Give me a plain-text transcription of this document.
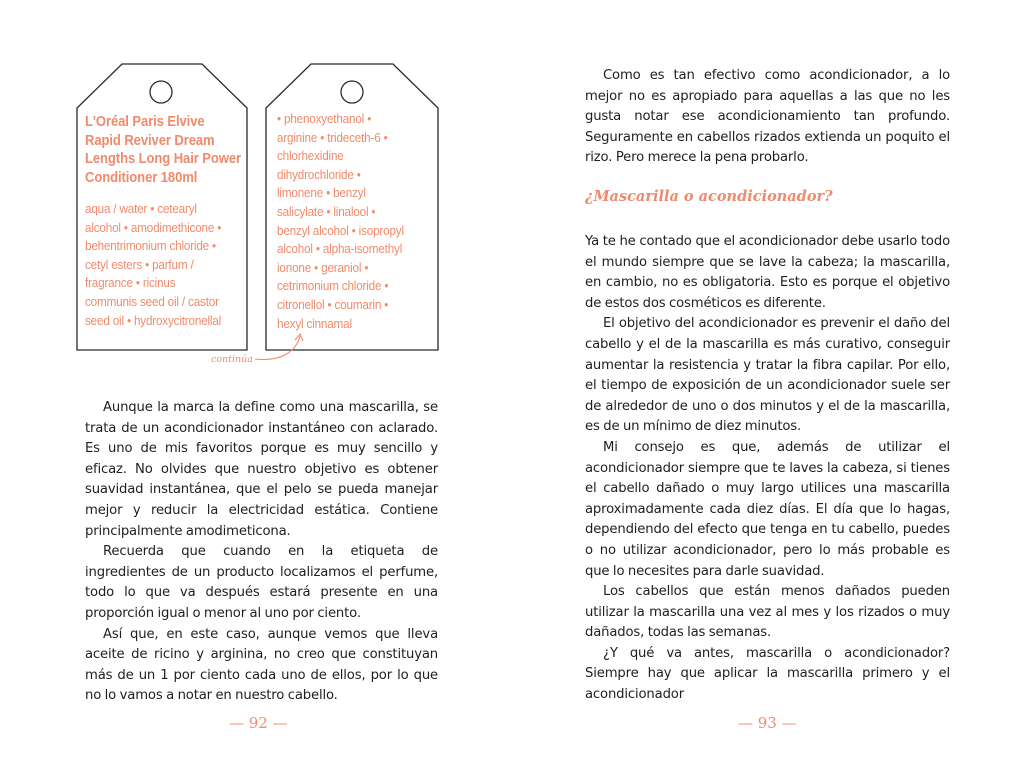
L'Oréal Paris Elvive
Rapid Reviver Dream
Lengths Long Hair Power
Conditioner 180ml
aqua / water • cetearyl
alcohol • amodimethicone •
behentrimonium chloride •
cetyl esters • parfum /
fragrance • ricinus
communis seed oil / castor
seed oil • hydroxycitronellal
• phenoxyethanol •
arginine • trideceth-6 •
chlorhexidine
dihydrochloride •
limonene • benzyl
salicylate • linalool •
benzyl alcohol • isopropyl
alcohol • alpha-isomethyl
ionone • geraniol •
cetrimonium chloride •
citronellol • coumarin •
hexyl cinnamal
continúa

Aunque la marca la define como una mascarilla, se trata de un acondicionador instantáneo con aclarado. Es uno de mis favoritos porque es muy sencillo y eficaz. No olvides que nuestro objetivo es obtener suavidad instantánea, que el pelo se pueda manejar mejor y reducir la electricidad estática. Contiene principalmente amodimeticona.

Recuerda que cuando en la etiqueta de ingredientes de un producto localizamos el perfume, todo lo que va después estará presente en una proporción igual o menor al uno por ciento.

Así que, en este caso, aunque vemos que lleva aceite de ricino y arginina, no creo que constituyan más de un 1 por ciento cada uno de ellos, por lo que no lo vamos a notar en nuestro cabello.

— 92 —

Como es tan efectivo como acondicionador, a lo mejor no es apropiado para aquellas a las que no les gusta notar ese acondicionamiento tan profundo. Seguramente en cabellos rizados extienda un poquito el rizo. Pero merece la pena probarlo.

¿Mascarilla o acondicionador?

Ya te he contado que el acondicionador debe usarlo todo el mundo siempre que se lave la cabeza; la mascarilla, en cambio, no es obligatoria. Esto es porque el objetivo de estos dos cosméticos es diferente.

El objetivo del acondicionador es prevenir el daño del cabello y el de la mascarilla es más curativo, conseguir aumentar la resistencia y tratar la fibra capilar. Por ello, el tiempo de exposición de un acondicionador suele ser de alrededor de uno o dos minutos y el de la mascarilla, es de un mínimo de diez minutos.

Mi consejo es que, además de utilizar el acondicionador siempre que te laves la cabeza, si tienes el cabello dañado o muy largo utilices una mascarilla aproximadamente cada diez días. El día que lo hagas, dependiendo del efecto que tenga en tu cabello, puedes o no utilizar acondicionador, pero lo más probable es que lo necesites para darle suavidad.

Los cabellos que están menos dañados pueden utilizar la mascarilla una vez al mes y los rizados o muy dañados, todas las semanas.

¿Y qué va antes, mascarilla o acondicionador? Siempre hay que aplicar la mascarilla primero y el acondicionador

— 93 —
